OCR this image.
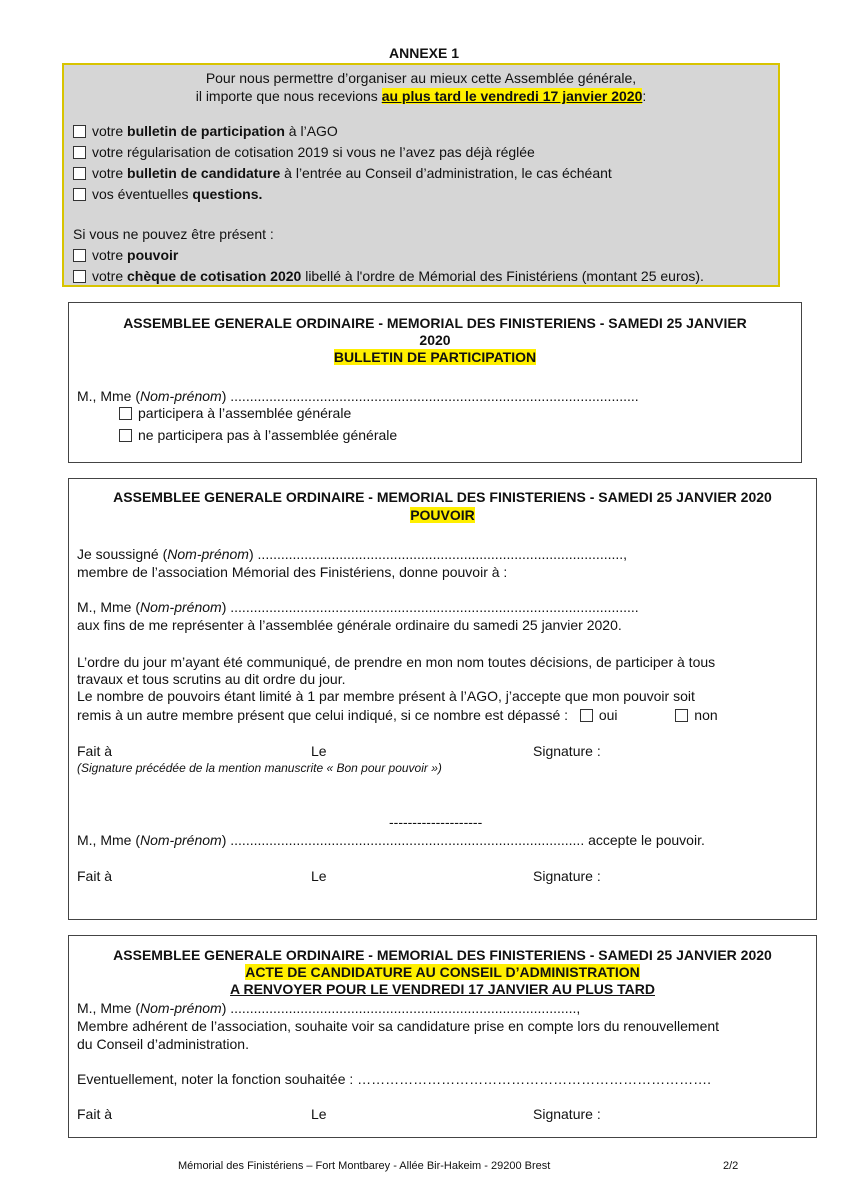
ANNEXE 1
Pour nous permettre d’organiser au mieux cette Assemblée générale,
il importe que nous recevions au plus tard le vendredi 17 janvier 2020:
votre bulletin de participation à l’AGO
votre régularisation de cotisation 2019 si vous ne l’avez pas déjà réglée
votre bulletin de candidature à l’entrée au Conseil d’administration, le cas échéant
vos éventuelles questions.
Si vous ne pouvez être présent :
votre pouvoir
votre chèque de cotisation 2020 libellé à l'ordre de Mémorial des Finistériens (montant 25 euros).
ASSEMBLEE GENERALE ORDINAIRE - MEMORIAL DES FINISTERIENS - SAMEDI 25 JANVIER
2020
BULLETIN DE PARTICIPATION
M., Mme (Nom-prénom) .........................................................................................................
participera à l’assemblée générale
ne participera pas à l’assemblée générale
ASSEMBLEE GENERALE ORDINAIRE - MEMORIAL DES FINISTERIENS - SAMEDI 25 JANVIER 2020
POUVOIR
Je soussigné (Nom-prénom) ..............................................................................................,
membre de l’association Mémorial des Finistériens, donne pouvoir à :
M., Mme (Nom-prénom) .........................................................................................................
aux fins de me représenter à l’assemblée générale ordinaire du samedi 25 janvier 2020.
L’ordre du jour m’ayant été communiqué, de prendre en mon nom toutes décisions, de participer à tous
travaux et tous scrutins au dit ordre du jour.
Le nombre de pouvoirs étant limité à 1 par membre présent à l’AGO, j’accepte que mon pouvoir soit
remis à un autre membre présent que celui indiqué, si ce nombre est dépassé : oui	non
Fait à	Le	Signature :
(Signature précédée de la mention manuscrite « Bon pour pouvoir »)
--------------------
M., Mme (Nom-prénom) ........................................................................................... accepte le pouvoir.
Fait à	Le	Signature :
ASSEMBLEE GENERALE ORDINAIRE - MEMORIAL DES FINISTERIENS - SAMEDI 25 JANVIER 2020
ACTE DE CANDIDATURE AU CONSEIL D’ADMINISTRATION
A RENVOYER POUR LE VENDREDI 17 JANVIER AU PLUS TARD
M., Mme (Nom-prénom) .........................................................................................,
Membre adhérent de l’association, souhaite voir sa candidature prise en compte lors du renouvellement
du Conseil d’administration.
Eventuellement, noter la fonction souhaitée : ………………………………………………………………….
Fait à	Le	Signature :
Mémorial des Finistériens – Fort Montbarey - Allée Bir-Hakeim - 29200 Brest	2/2
